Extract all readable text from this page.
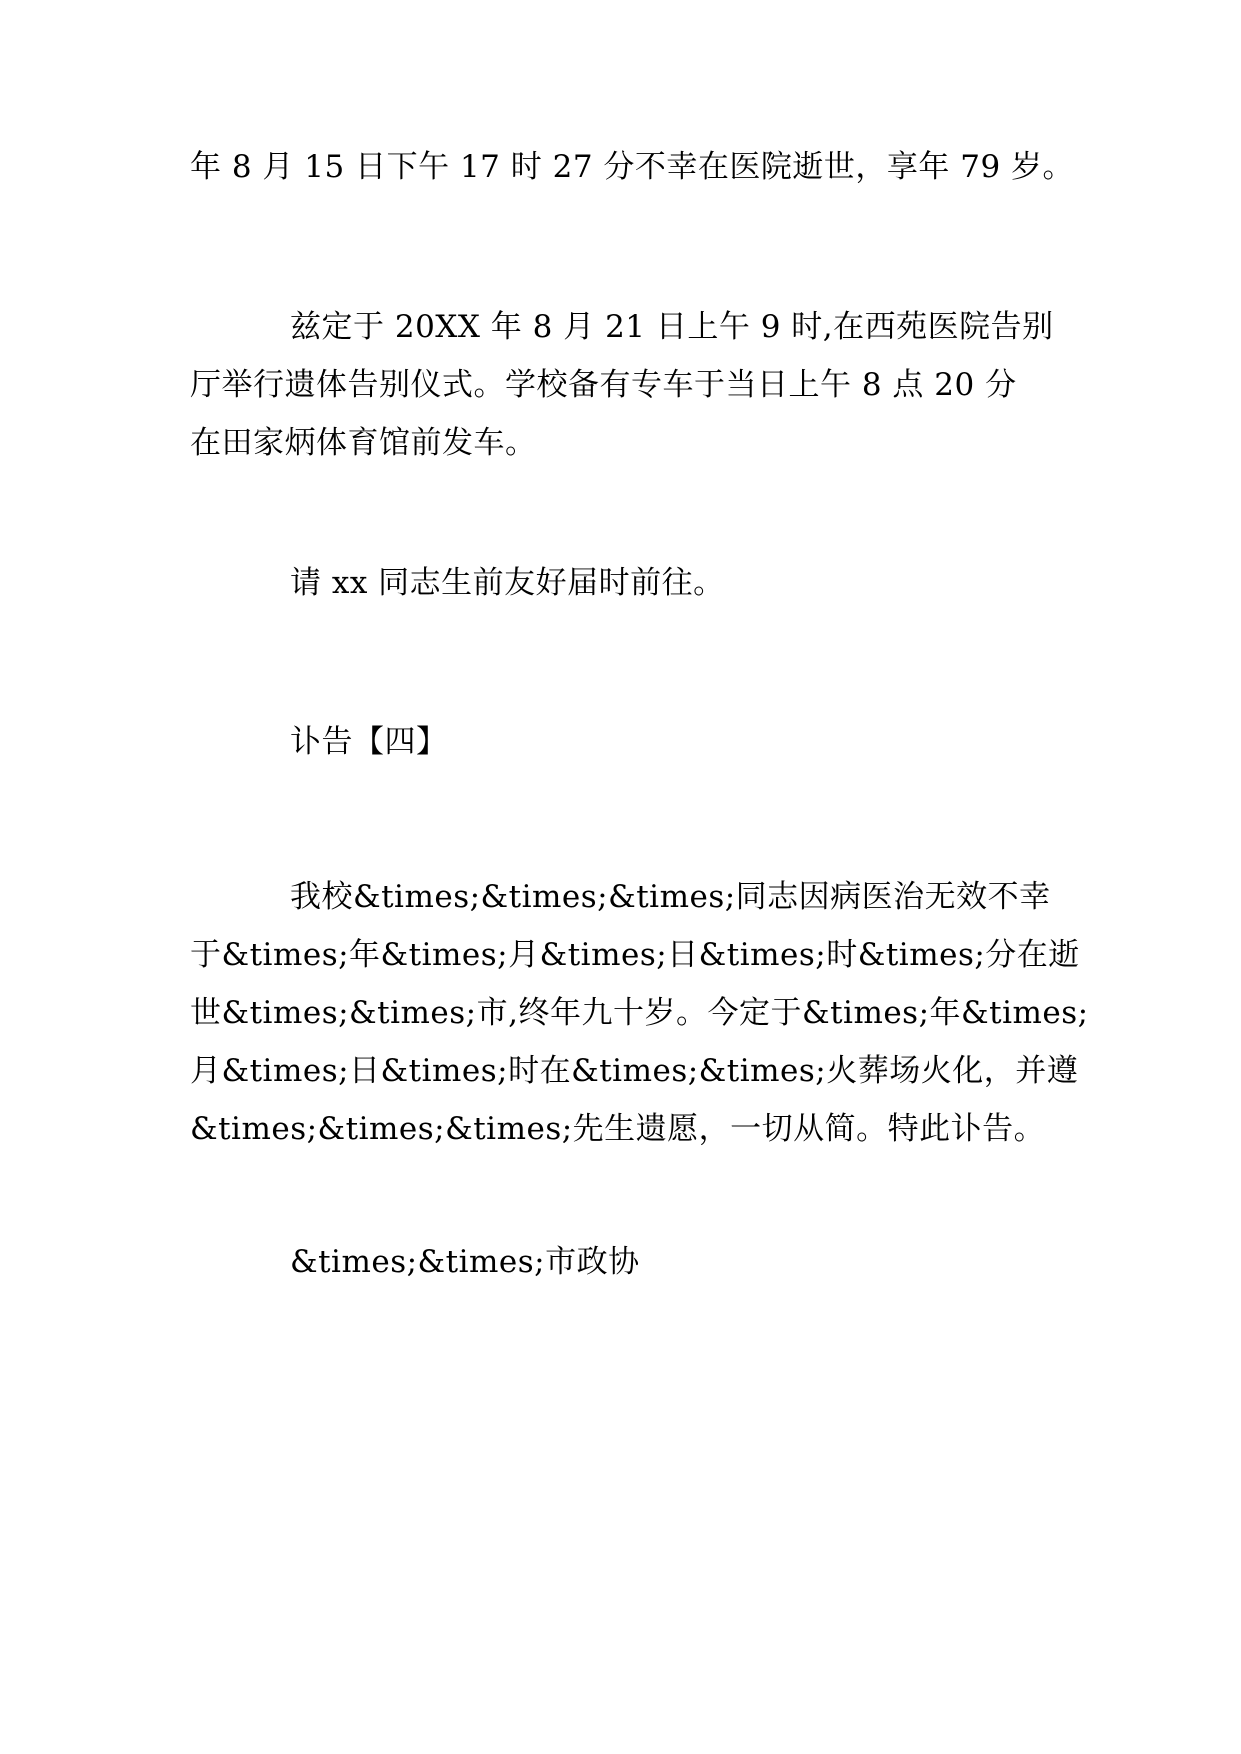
年 8 月 15 日下午 17 时 27 分不幸在医院逝世，享年 79 岁。
兹定于 20XX 年 8 月 21 日上午 9 时,在西苑医院告别
厅举行遗体告别仪式。学校备有专车于当日上午 8 点 20 分
在田家炳体育馆前发车。
请 xx 同志生前友好届时前往。
讣告【四】
我校&times;&times;&times;同志因病医治无效不幸
于&times;年&times;月&times;日&times;时&times;分在逝
世&times;&times;市,终年九十岁。今定于&times;年&times;
月&times;日&times;时在&times;&times;火葬场火化，并遵
&times;&times;&times;先生遗愿，一切从简。特此讣告。
&times;&times;市政协
